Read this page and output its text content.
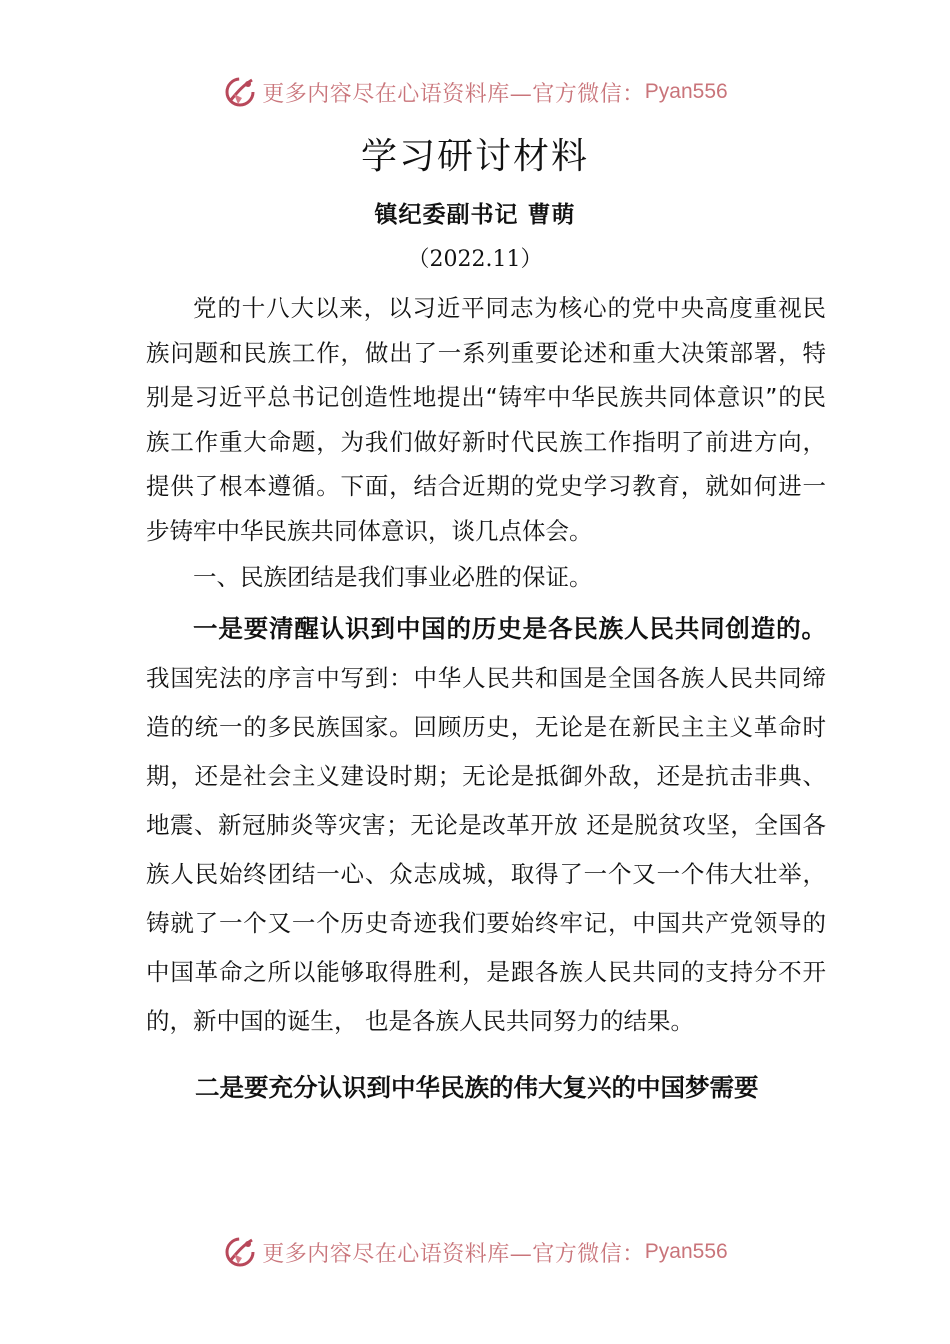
更多内容尽在心语资料库—官方微信： Pyan556
学习研讨材料
镇纪委副书记 曹萌
（2022.11）

党的十八大以来，以习近平同志为核心的党中央高度重视民族问题和民族工作，做出了一系列重要论述和重大决策部署，特别是习近平总书记创造性地提出“铸牢中华民族共同体意识”的民族工作重大命题，为我们做好新时代民族工作指明了前进方向，提供了根本遵循。下面，结合近期的党史学习教育，就如何进一步铸牢中华民族共同体意识，谈几点体会。

一、民族团结是我们事业必胜的保证。

一是要清醒认识到中国的历史是各民族人民共同创造的。我国宪法的序言中写到：中华人民共和国是全国各族人民共同缔造的统一的多民族国家。回顾历史，无论是在新民主主义革命时期，还是社会主义建设时期；无论是抵御外敌，还是抗击非典、地震、新冠肺炎等灾害；无论是改革开放 还是脱贫攻坚，全国各族人民始终团结一心、众志成城，取得了一个又一个伟大壮举，铸就了一个又一个历史奇迹我们要始终牢记，中国共产党领导的中国革命之所以能够取得胜利，是跟各族人民共同的支持分不开的，新中国的诞生， 也是各族人民共同努力的结果。

二是要充分认识到中华民族的伟大复兴的中国梦需要

更多内容尽在心语资料库—官方微信： Pyan556
